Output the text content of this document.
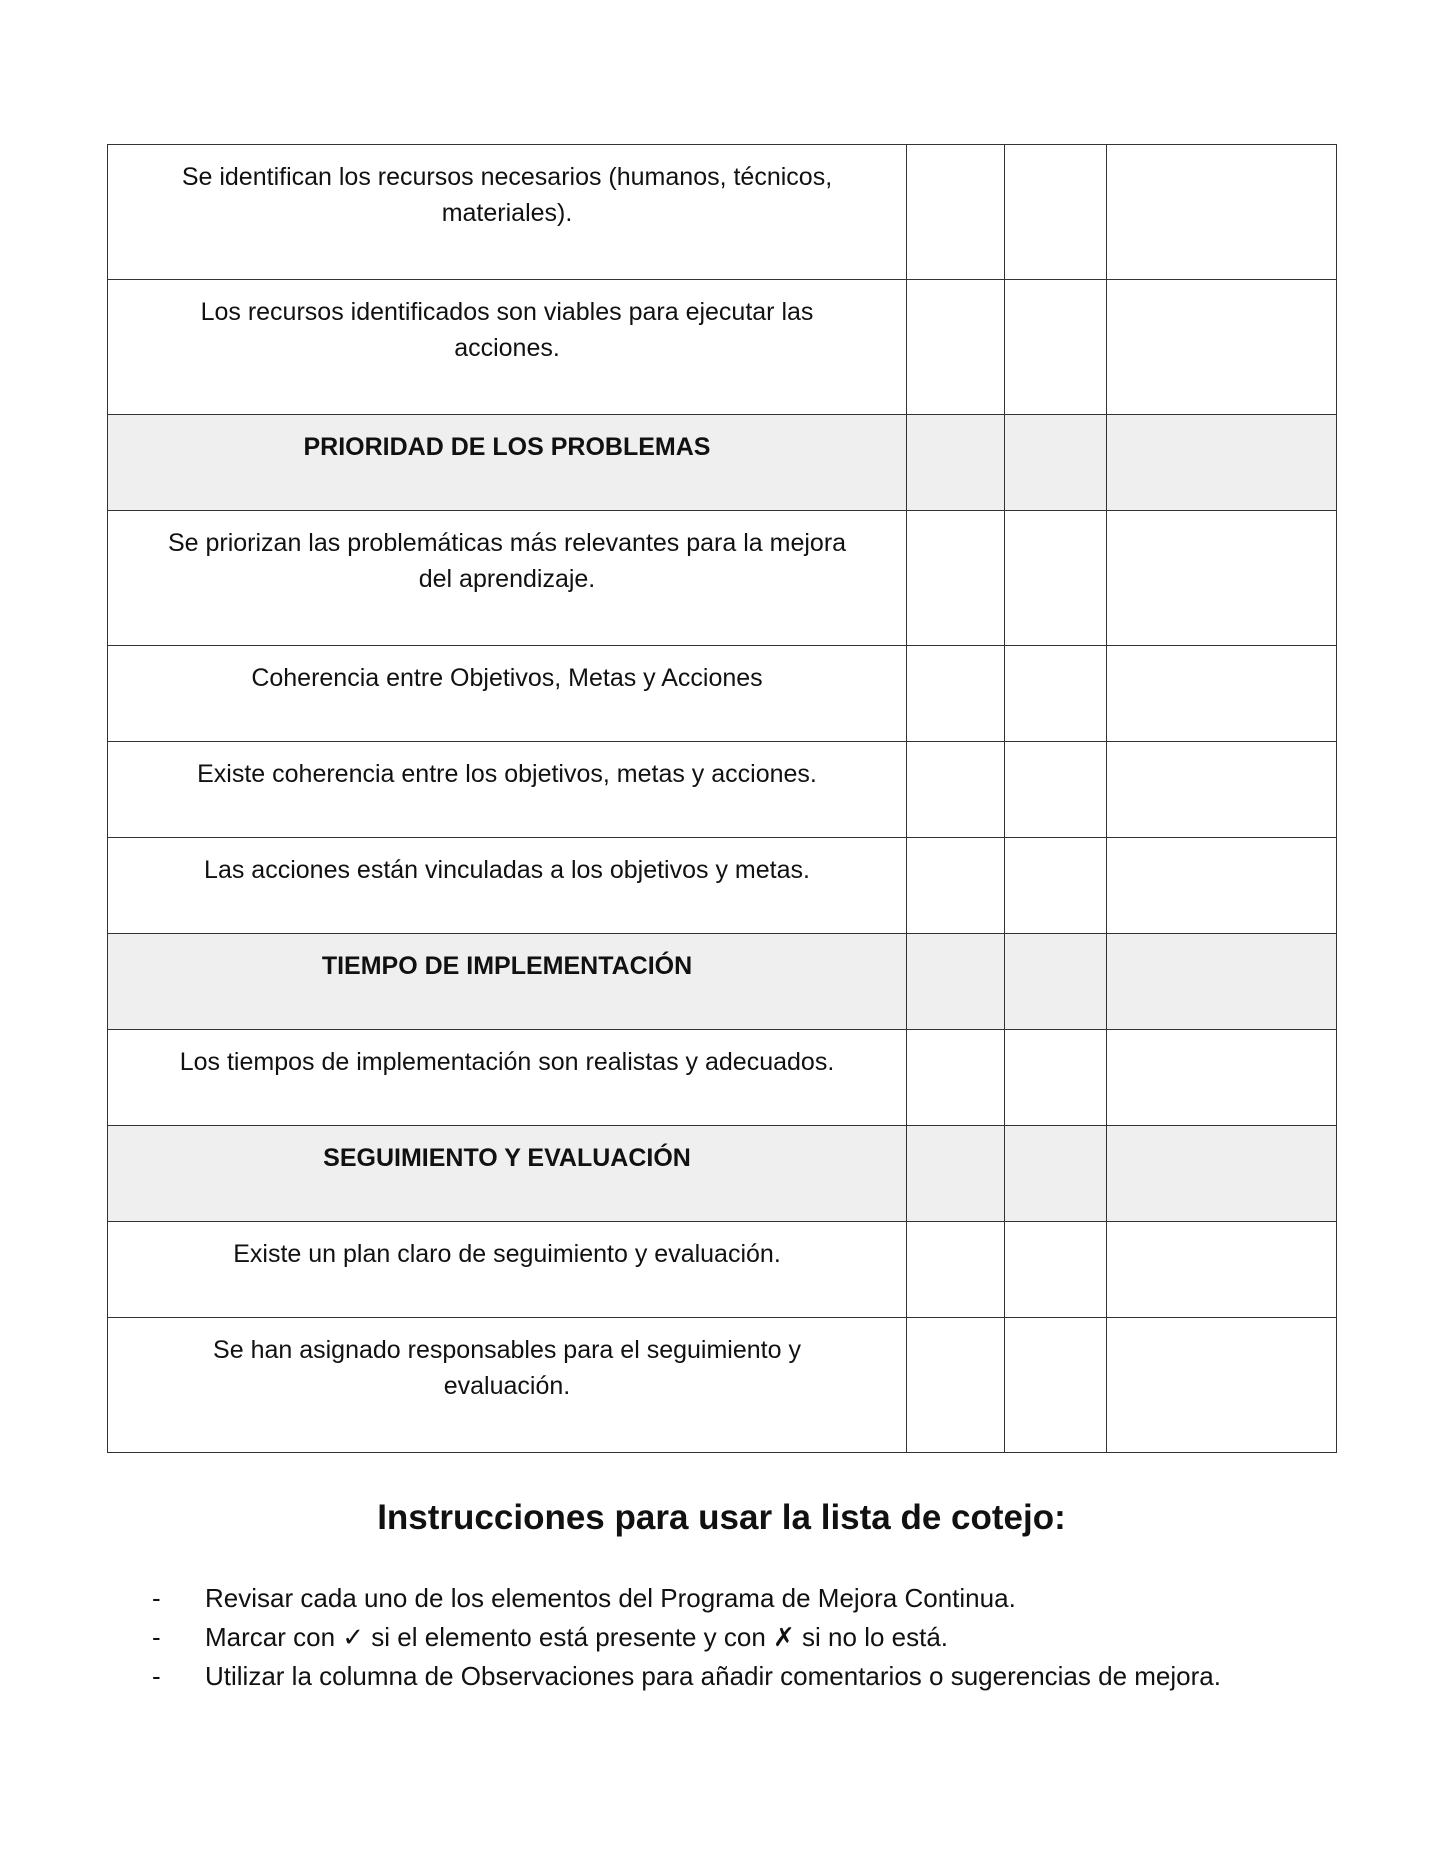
Se identifican los recursos necesarios (humanos, técnicos, materiales).			

Los recursos identificados son viables para ejecutar las acciones.			

PRIORIDAD DE LOS PROBLEMAS			

Se priorizan las problemáticas más relevantes para la mejora del aprendizaje.			

Coherencia entre Objetivos, Metas y Acciones			

Existe coherencia entre los objetivos, metas y acciones.			

Las acciones están vinculadas a los objetivos y metas.			

TIEMPO DE IMPLEMENTACIÓN			

Los tiempos de implementación son realistas y adecuados.			

SEGUIMIENTO Y EVALUACIÓN			

Existe un plan claro de seguimiento y evaluación.			

Se han asignado responsables para el seguimiento y evaluación.			

Instrucciones para usar la lista de cotejo:
- Revisar cada uno de los elementos del Programa de Mejora Continua.
- Marcar con ✓ si el elemento está presente y con ✗ si no lo está.
- Utilizar la columna de Observaciones para añadir comentarios o sugerencias de mejora.
